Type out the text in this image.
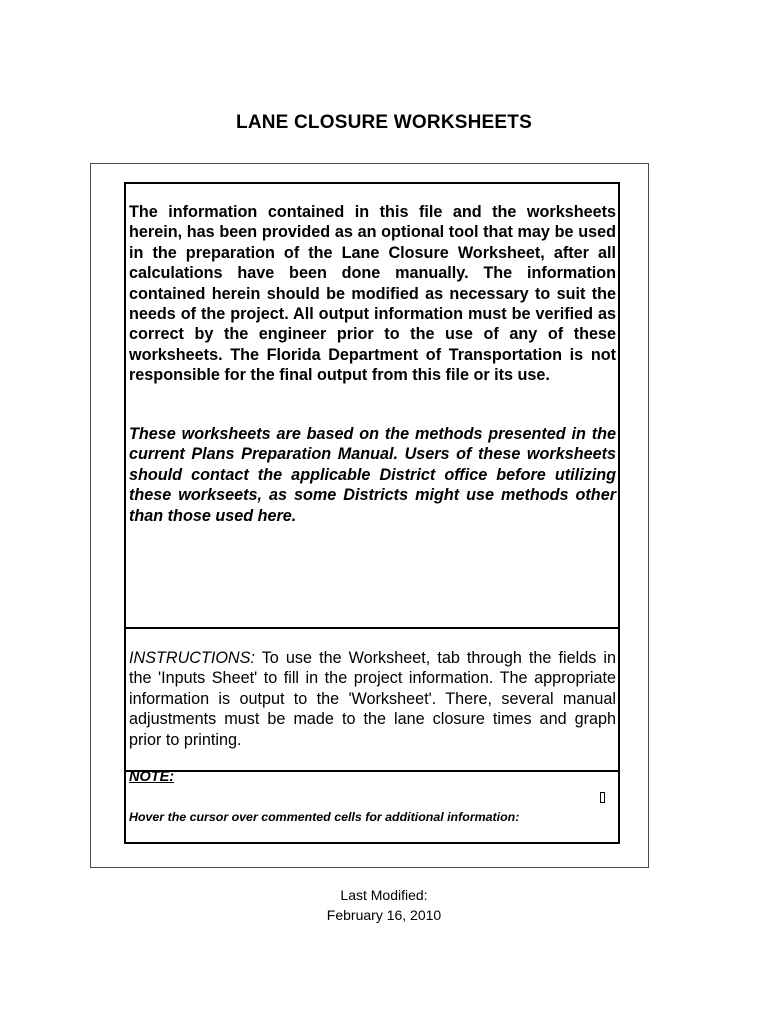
LANE CLOSURE WORKSHEETS

The information contained in this file and the worksheets herein, has been provided as an optional tool that may be used in the preparation of the Lane Closure Worksheet, after all calculations have been done manually. The information contained herein should be modified as necessary to suit the needs of the project. All output information must be verified as correct by the engineer prior to the use of any of these worksheets. The Florida Department of Transportation is not responsible for the final output from this file or its use.

These worksheets are based on the methods presented in the current Plans Preparation Manual. Users of these worksheets should contact the applicable District office before utilizing these workseets, as some Districts might use methods other than those used here.

INSTRUCTIONS: To use the Worksheet, tab through the fields in the 'Inputs Sheet' to fill in the project information. The appropriate information is output to the 'Worksheet'. There, several manual adjustments must be made to the lane closure times and graph prior to printing.

NOTE:
Hover the cursor over commented cells for additional information:
Last Modified:
February 16, 2010
